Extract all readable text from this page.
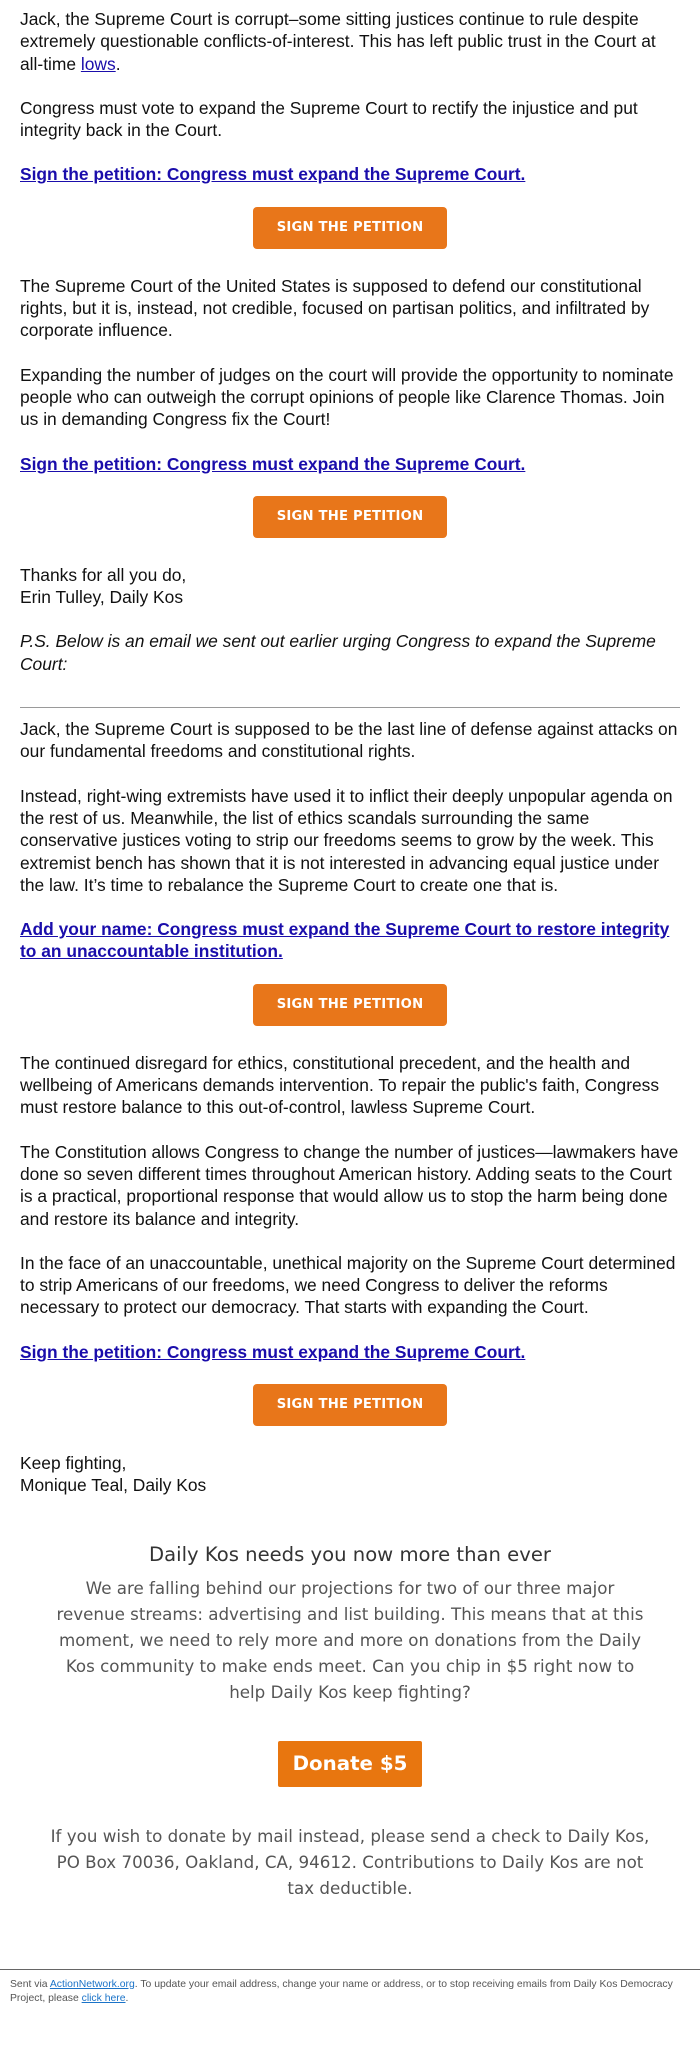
Jack, the Supreme Court is corrupt–some sitting justices continue to rule despite extremely questionable conflicts-of-interest. This has left public trust in the Court at all-time lows.

Congress must vote to expand the Supreme Court to rectify the injustice and put integrity back in the Court.

Sign the petition: Congress must expand the Supreme Court.
SIGN THE PETITION

The Supreme Court of the United States is supposed to defend our constitutional rights, but it is, instead, not credible, focused on partisan politics, and infiltrated by corporate influence.

Expanding the number of judges on the court will provide the opportunity to nominate people who can outweigh the corrupt opinions of people like Clarence Thomas. Join us in demanding Congress fix the Court!

Sign the petition: Congress must expand the Supreme Court.
SIGN THE PETITION

Thanks for all you do,

Erin Tulley, Daily Kos

P.S. Below is an email we sent out earlier urging Congress to expand the Supreme Court:

Jack, the Supreme Court is supposed to be the last line of defense against attacks on our fundamental freedoms and constitutional rights.

Instead, right-wing extremists have used it to inflict their deeply unpopular agenda on the rest of us. Meanwhile, the list of ethics scandals surrounding the same conservative justices voting to strip our freedoms seems to grow by the week. This extremist bench has shown that it is not interested in advancing equal justice under the law. It’s time to rebalance the Supreme Court to create one that is.

Add your name: Congress must expand the Supreme Court to restore integrity to an unaccountable institution.
SIGN THE PETITION

The continued disregard for ethics, constitutional precedent, and the health and wellbeing of Americans demands intervention. To repair the public's faith, Congress must restore balance to this out-of-control, lawless Supreme Court.

The Constitution allows Congress to change the number of justices—lawmakers have done so seven different times throughout American history. Adding seats to the Court is a practical, proportional response that would allow us to stop the harm being done and restore its balance and integrity.

In the face of an unaccountable, unethical majority on the Supreme Court determined to strip Americans of our freedoms, we need Congress to deliver the reforms necessary to protect our democracy. That starts with expanding the Court.

Sign the petition: Congress must expand the Supreme Court.
SIGN THE PETITION

Keep fighting,

Monique Teal, Daily Kos

Daily Kos needs you now more than ever

We are falling behind our projections for two of our three major revenue streams: advertising and list building. This means that at this moment, we need to rely more and more on donations from the Daily Kos community to make ends meet. Can you chip in $5 right now to help Daily Kos keep fighting?

Donate $5

If you wish to donate by mail instead, please send a check to Daily Kos, PO Box 70036, Oakland, CA, 94612. Contributions to Daily Kos are not tax deductible.

Sent via ActionNetwork.org. To update your email address, change your name or address, or to stop receiving emails from Daily Kos Democracy Project, please click here.
